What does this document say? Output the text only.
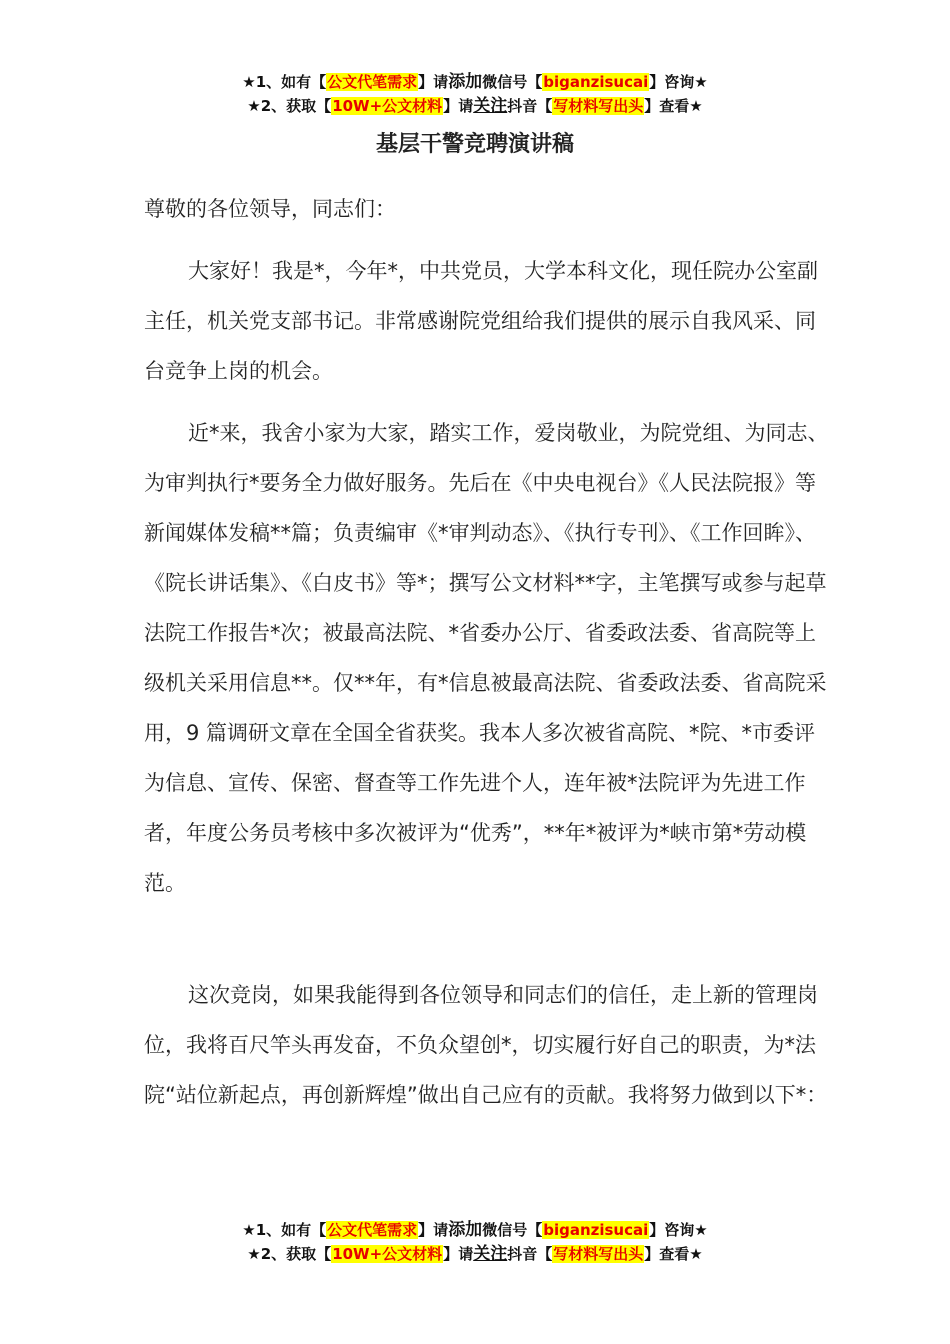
★1、如有【公文代笔需求】请添加微信号【biganzisucai】咨询★
★2、获取【10W+公文材料】请关注抖音【写材料写出头】查看★
基层干警竞聘演讲稿

尊敬的各位领导，同志们：

大家好！我是*，今年*，中共党员，大学本科文化，现任院办公室副主任，机关党支部书记。非常感谢院党组给我们提供的展示自我风采、同台竞争上岗的机会。

近*来，我舍小家为大家，踏实工作，爱岗敬业，为院党组、为同志、为审判执行*要务全力做好服务。先后在《中央电视台》《人民法院报》等新闻媒体发稿**篇；负责编审《*审判动态》、《执行专刊》、《工作回眸》、《院长讲话集》、《白皮书》等*；撰写公文材料**字，主笔撰写或参与起草法院工作报告*次；被最高法院、*省委办公厅、省委政法委、省高院等上级机关采用信息**。仅**年，有*信息被最高法院、省委政法委、省高院采用，9 篇调研文章在全国全省获奖。我本人多次被省高院、*院、*市委评为信息、宣传、保密、督查等工作先进个人，连年被*法院评为先进工作者，年度公务员考核中多次被评为“优秀”，**年*被评为*峡市第*劳动模范。

这次竞岗，如果我能得到各位领导和同志们的信任，走上新的管理岗位，我将百尺竿头再发奋，不负众望创*，切实履行好自己的职责，为*法院“站位新起点，再创新辉煌”做出自己应有的贡献。我将努力做到以下*：

★1、如有【公文代笔需求】请添加微信号【biganzisucai】咨询★
★2、获取【10W+公文材料】请关注抖音【写材料写出头】查看★
